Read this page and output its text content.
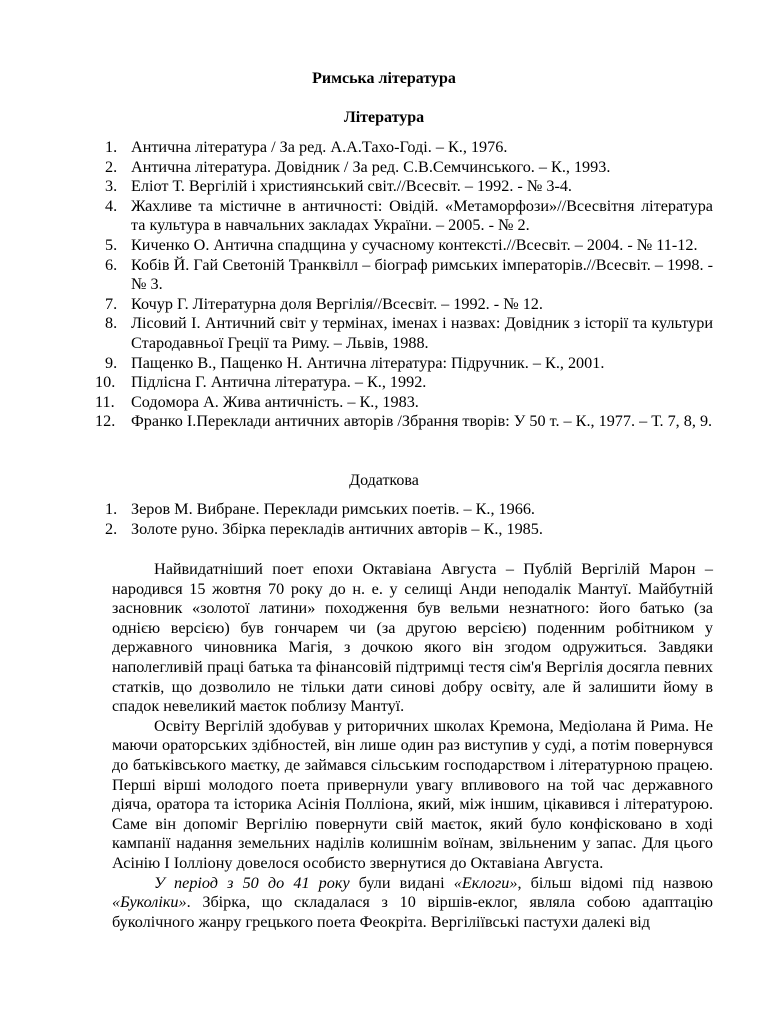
Римська література
Література
1. Антична література / За ред. А.А.Тахо-Годі. – К., 1976.
2. Антична література. Довідник / За ред. С.В.Семчинського. – К., 1993.
3. Еліот Т. Вергілій і християнський світ.//Всесвіт. – 1992. - № 3-4.
4. Жахливе та містичне в античності: Овідій. «Метаморфози»//Всесвітня література та культура в навчальних закладах України. – 2005. - № 2.
5. Киченко О. Антична спадщина у сучасному контексті.//Всесвіт. – 2004. - № 11-12.
6. Кобів Й. Гай Светоній Транквілл – біограф римських імператорів.//Всесвіт. – 1998. - № 3.
7. Кочур Г. Літературна доля Вергілія//Всесвіт. – 1992. - № 12.
8. Лісовий І. Античний світ у термінах, іменах і назвах: Довідник з історії та культури Стародавньої Греції та Риму. – Львів, 1988.
9. Пащенко В., Пащенко Н. Антична література: Підручник. – К., 2001.
10. Підлісна Г. Антична література. – К., 1992.
11. Содомора А. Жива античність. – К., 1983.
12. Франко І.Переклади античних авторів /Збрання творів: У 50 т. – К., 1977. – Т. 7, 8, 9.
Додаткова
1. Зеров М. Вибране. Переклади римських поетів. – К., 1966.
2. Золоте руно. Збірка перекладів античних авторів – К., 1985.

Найвидатніший поет епохи Октавіана Августа – Публій Вергілій Марон – народився 15 жовтня 70 року до н. е. у селищі Анди неподалік Мантуї. Майбутній засновник «золотої латини» походження був вельми незнатного: його батько (за однією версією) був гончарем чи (за другою версією) поденним робітником у державного чиновника Магія, з дочкою якого він згодом одружиться. Завдяки наполегливій праці батька та фінансовій підтримці тестя сім'я Вергілія досягла певних статків, що дозволило не тільки дати синові добру освіту, але й залишити йому в спадок невеликий маєток поблизу Мантуї.

Освіту Вергілій здобував у риторичних школах Кремона, Медіолана й Рима. Не маючи ораторських здібностей, він лише один раз виступив у суді, а потім повернувся до батьківського маєтку, де займався сільським господарством і літературною працею. Перші вірші молодого поета привернули увагу впливового на той час державного діяча, оратора та історика Асінія Полліона, який, між іншим, цікавився і літературою. Саме він допоміг Вергілію повернути свій маєток, який було конфісковано в ході кампанії надання земельних наділів колишнім воїнам, звільненим у запас. Для цього Асінію І Іолліону довелося особисто звернутися до Октавіана Августа.

У період з 50 до 41 року були видані «Еклоги», більш відомі під назвою «Буколіки». Збірка, що складалася з 10 віршів-еклог, являла собою адаптацію буколічного жанру грецького поета Феокріта. Вергіліївські пастухи далекі від
